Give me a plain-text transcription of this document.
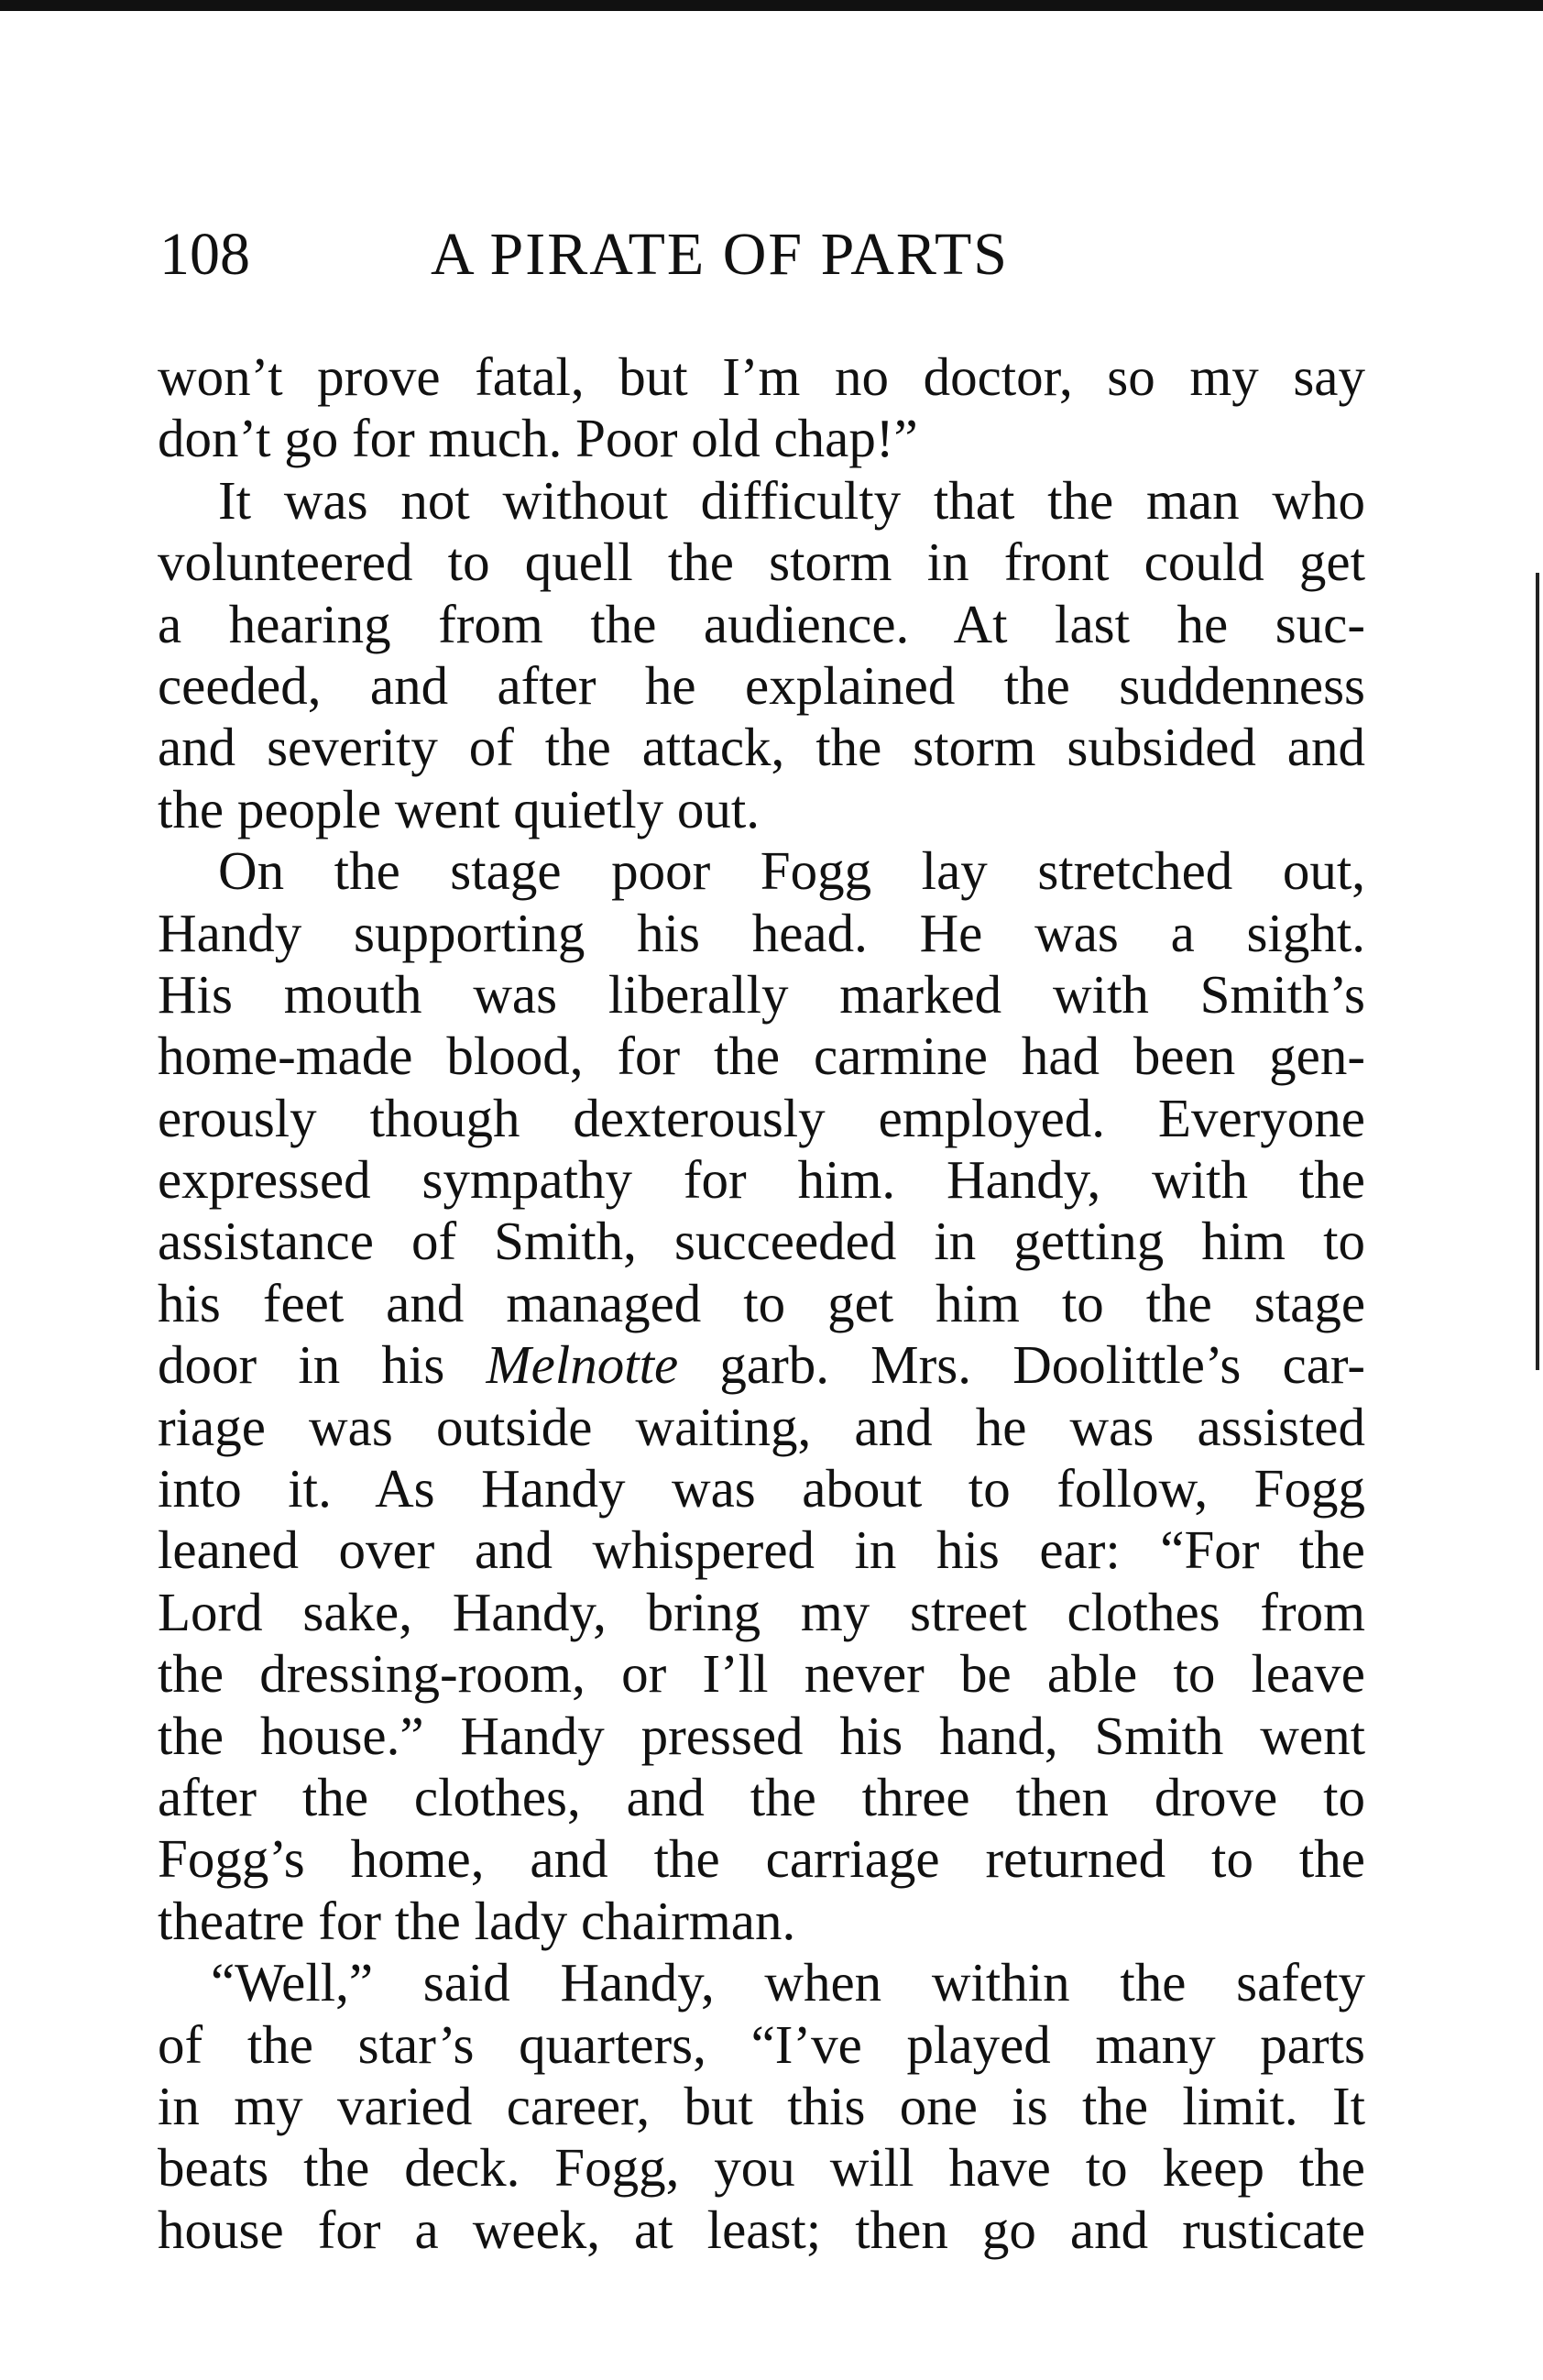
108	A PIRATE OF PARTS
won’t prove fatal, but I’m no doctor, so my say
don’t go for much. Poor old chap!”
It was not without difficulty that the man who
volunteered to quell the storm in front could get
a hearing from the audience. At last he suc-
ceeded, and after he explained the suddenness
and severity of the attack, the storm subsided and
the people went quietly out.
On the stage poor Fogg lay stretched out,
Handy supporting his head. He was a sight.
His mouth was liberally marked with Smith’s
home-made blood, for the carmine had been gen-
erously though dexterously employed. Everyone
expressed sympathy for him. Handy, with the
assistance of Smith, succeeded in getting him to
his feet and managed to get him to the stage
door in his Melnotte garb. Mrs. Doolittle’s car-
riage was outside waiting, and he was assisted
into it. As Handy was about to follow, Fogg
leaned over and whispered in his ear: “For the
Lord sake, Handy, bring my street clothes from
the dressing-room, or I’ll never be able to leave
the house.” Handy pressed his hand, Smith went
after the clothes, and the three then drove to
Fogg’s home, and the carriage returned to the
theatre for the lady chairman.
“Well,” said Handy, when within the safety
of the star’s quarters, “I’ve played many parts
in my varied career, but this one is the limit. It
beats the deck. Fogg, you will have to keep the
house for a week, at least; then go and rusticate
